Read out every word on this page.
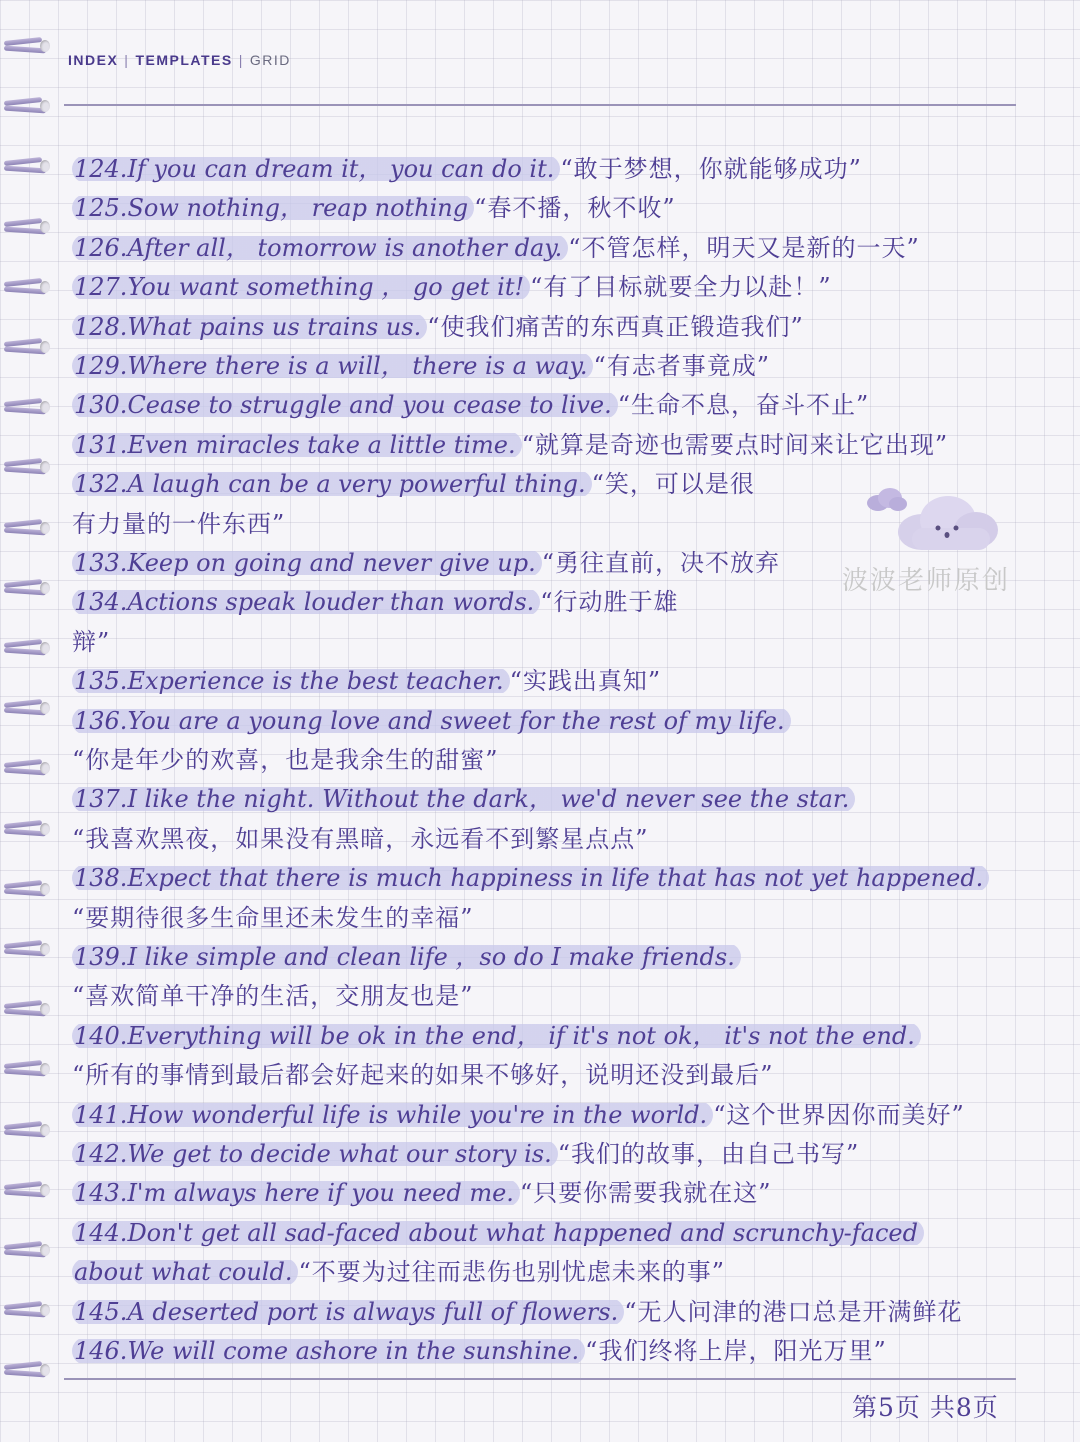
INDEX | TEMPLATES | GRID
124.If you can dream it， you can do it. “敢于梦想，你就能够成功”
125.Sow nothing， reap nothing “春不播，秋不收”
126.After all， tomorrow is another day. “不管怎样，明天又是新的一天”
127.You want something ， go get it! “有了目标就要全力以赴！”
128.What pains us trains us. “使我们痛苦的东西真正锻造我们”
129.Where there is a will， there is a way. “有志者事竟成”
130.Cease to struggle and you cease to live. “生命不息，奋斗不止”
131.Even miracles take a little time. “就算是奇迹也需要点时间来让它出现”
132.A laugh can be a very powerful thing. “笑，可以是很
有力量的一件东西”
133.Keep on going and never give up. “勇往直前，决不放弃
134.Actions speak louder than words. “行动胜于雄
辩”
135.Experience is the best teacher. “实践出真知”
136.You are a young love and sweet for the rest of my life.
“你是年少的欢喜，也是我余生的甜蜜”
137.I like the night. Without the dark， we'd never see the star.
“我喜欢黑夜，如果没有黑暗，永远看不到繁星点点”
138.Expect that there is much happiness in life that has not yet happened.
“要期待很多生命里还未发生的幸福”
139.I like simple and clean life ，so do I make friends.
“喜欢简单干净的生活，交朋友也是”
140.Everything will be ok in the end， if it's not ok， it's not the end.
“所有的事情到最后都会好起来的如果不够好，说明还没到最后”
141.How wonderful life is while you're in the world. “这个世界因你而美好”
142.We get to decide what our story is. “我们的故事，由自己书写”
143.I'm always here if you need me. “只要你需要我就在这”
144.Don't get all sad-faced about what happened and scrunchy-faced
about what could. “不要为过往而悲伤也别忧虑未来的事”
145.A deserted port is always full of flowers. “无人问津的港口总是开满鲜花
146.We will come ashore in the sunshine. “我们终将上岸，阳光万里”
波波老师原创
第5页 共8页
